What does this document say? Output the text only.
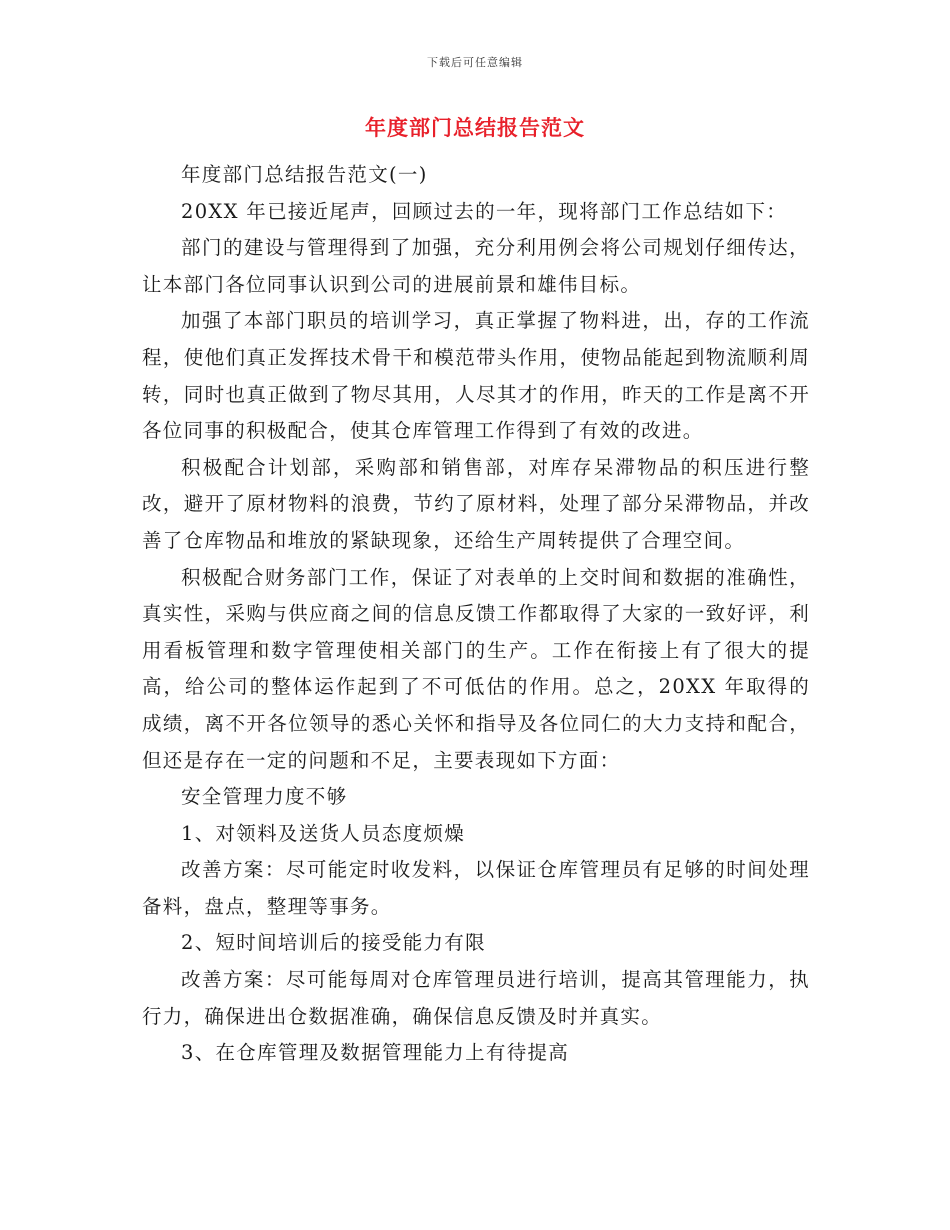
下载后可任意编辑
年度部门总结报告范文

年度部门总结报告范文(一)

20XX 年已接近尾声，回顾过去的一年，现将部门工作总结如下：

部门的建设与管理得到了加强，充分利用例会将公司规划仔细传达，让本部门各位同事认识到公司的进展前景和雄伟目标。

加强了本部门职员的培训学习，真正掌握了物料进，出，存的工作流程，使他们真正发挥技术骨干和模范带头作用，使物品能起到物流顺利周转，同时也真正做到了物尽其用，人尽其才的作用，昨天的工作是离不开各位同事的积极配合，使其仓库管理工作得到了有效的改进。

积极配合计划部，采购部和销售部，对库存呆滞物品的积压进行整改，避开了原材物料的浪费，节约了原材料，处理了部分呆滞物品，并改善了仓库物品和堆放的紧缺现象，还给生产周转提供了合理空间。

积极配合财务部门工作，保证了对表单的上交时间和数据的准确性，真实性，采购与供应商之间的信息反馈工作都取得了大家的一致好评，利用看板管理和数字管理使相关部门的生产。工作在衔接上有了很大的提高，给公司的整体运作起到了不可低估的作用。总之，20XX 年取得的成绩，离不开各位领导的悉心关怀和指导及各位同仁的大力支持和配合，但还是存在一定的问题和不足，主要表现如下方面：

安全管理力度不够

1、对领料及送货人员态度烦燥

改善方案：尽可能定时收发料，以保证仓库管理员有足够的时间处理备料，盘点，整理等事务。

2、短时间培训后的接受能力有限

改善方案：尽可能每周对仓库管理员进行培训，提高其管理能力，执行力，确保进出仓数据准确，确保信息反馈及时并真实。

3、在仓库管理及数据管理能力上有待提高
